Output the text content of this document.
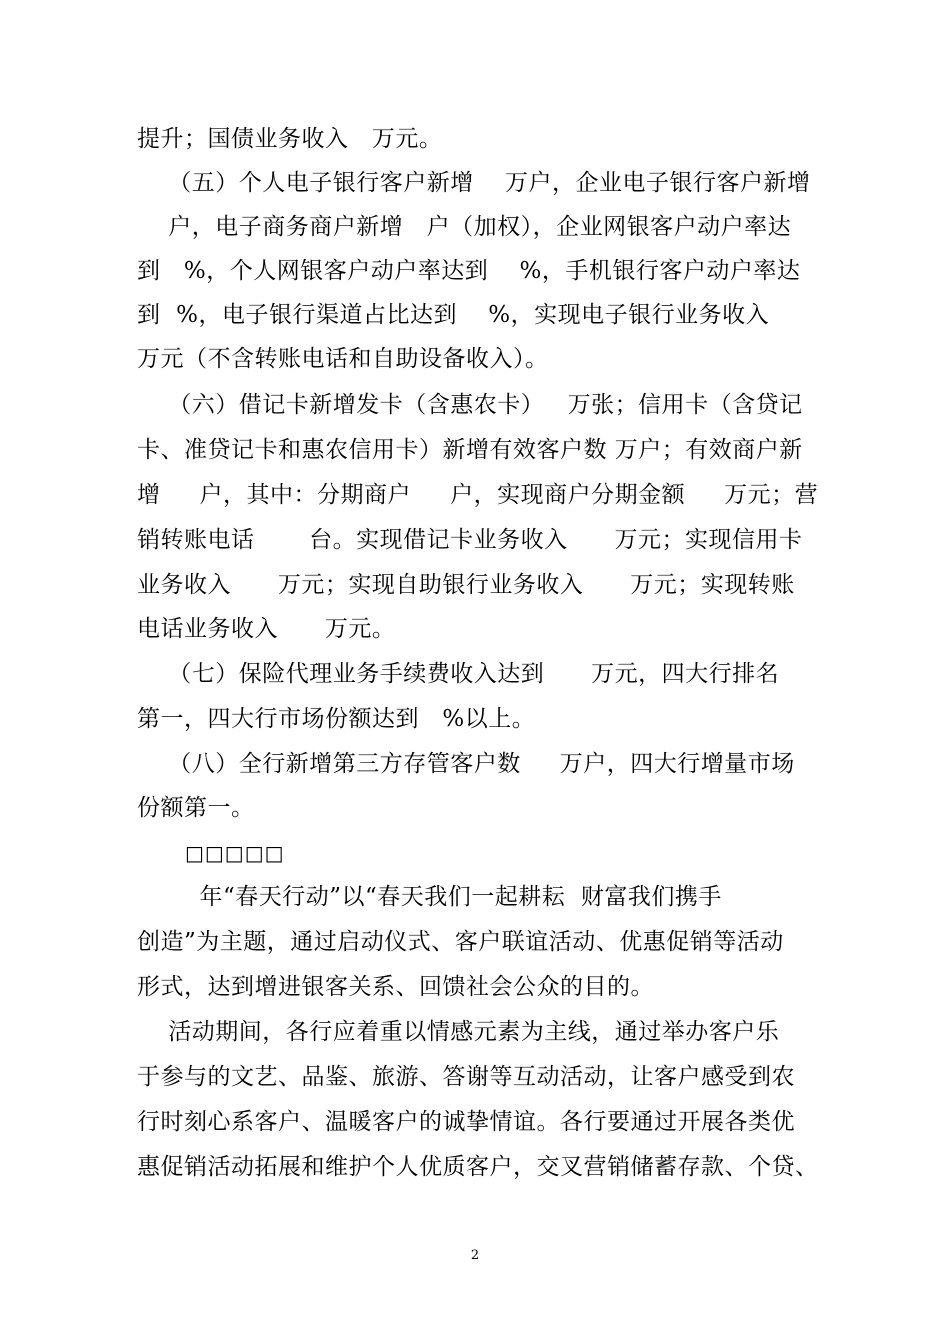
提升；国债业务收入   万元。
（五）个人电子银行客户新增    万户，企业电子银行客户新增
户，电子商务商户新增   户（加权），企业网银客户动户率达
到   %，个人网银客户动户率达到    %，手机银行客户动户率达
到  %，电子银行渠道占比达到    %，实现电子银行业务收入
万元（不含转账电话和自助设备收入）。
（六）借记卡新增发卡（含惠农卡）   万张；信用卡（含贷记
卡、准贷记卡和惠农信用卡）新增有效客户数 万户；有效商户新
增     户，其中：分期商户     户，实现商户分期金额     万元；营
销转账电话       台。实现借记卡业务收入      万元；实现信用卡
业务收入      万元；实现自助银行业务收入      万元；实现转账
电话业务收入      万元。
（七）保险代理业务手续费收入达到      万元，四大行排名
第一，四大行市场份额达到   %以上。
（八）全行新增第三方存管客户数     万户，四大行增量市场
份额第一。
□□□□□
年“春天行动”以“春天我们一起耕耘  财富我们携手
创造”为主题，通过启动仪式、客户联谊活动、优惠促销等活动
形式，达到增进银客关系、回馈社会公众的目的。
活动期间，各行应着重以情感元素为主线，通过举办客户乐
于参与的文艺、品鉴、旅游、答谢等互动活动，让客户感受到农
行时刻心系客户、温暖客户的诚挚情谊。各行要通过开展各类优
惠促销活动拓展和维护个人优质客户，交叉营销储蓄存款、个贷、
2
